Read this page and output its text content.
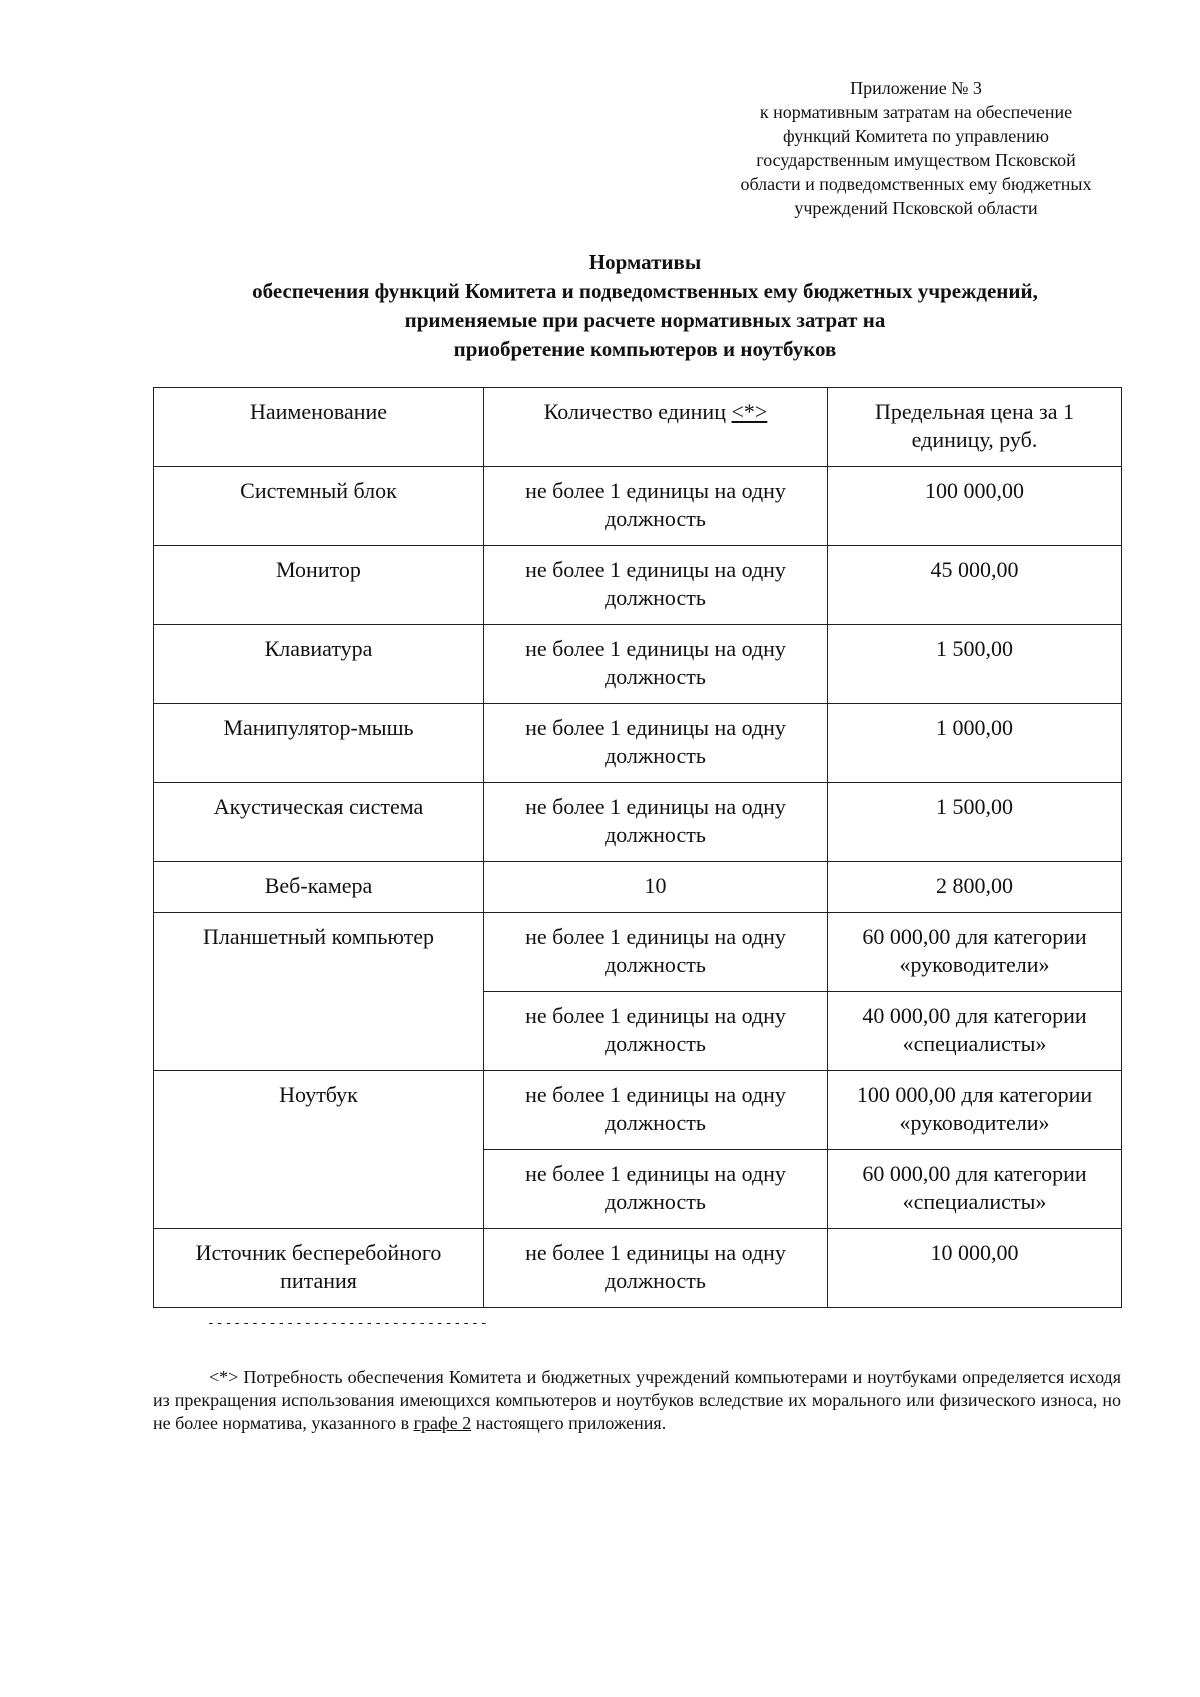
Приложение № 3
к нормативным затратам на обеспечение
функций Комитета по управлению
государственным имуществом Псковской
области и подведомственных ему бюджетных
учреждений Псковской области
Нормативы
обеспечения функций Комитета и подведомственных ему бюджетных учреждений,
применяемые при расчете нормативных затрат на
приобретение компьютеров и ноутбуков
Наименование	Количество единиц <*>	Предельная цена за 1 единицу, руб.
Системный блок	не более 1 единицы на одну должность	100 000,00
Монитор	не более 1 единицы на одну должность	45 000,00
Клавиатура	не более 1 единицы на одну должность	1 500,00
Манипулятор-мышь	не более 1 единицы на одну должность	1 000,00
Акустическая система	не более 1 единицы на одну должность	1 500,00
Веб-камера	10	2 800,00
Планшетный компьютер	не более 1 единицы на одну должность	60 000,00 для категории «руководители»
	не более 1 единицы на одну должность	40 000,00 для категории «специалисты»
Ноутбук	не более 1 единицы на одну должность	100 000,00 для категории «руководители»
	не более 1 единицы на одну должность	60 000,00 для категории «специалисты»
Источник бесперебойного питания	не более 1 единицы на одну должность	10 000,00
--------------------------------

<*> Потребность обеспечения Комитета и бюджетных учреждений компьютерами и ноутбуками определяется исходя из прекращения использования имеющихся компьютеров и ноутбуков вследствие их морального или физического износа, но не более норматива, указанного в графе 2 настоящего приложения.
